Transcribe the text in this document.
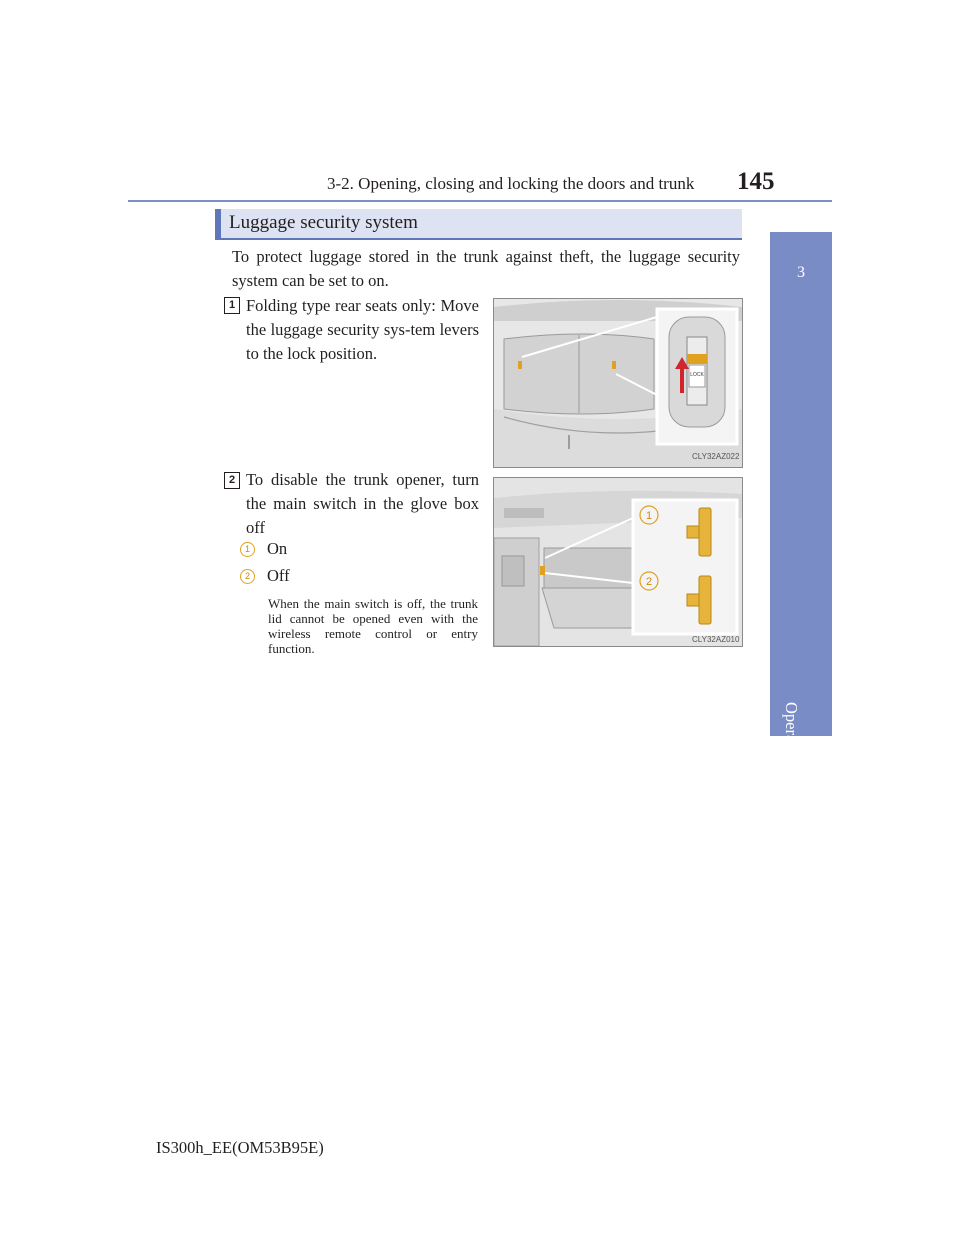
3-2. Opening, closing and locking the doors and trunk 145
3
Operation of each component
Luggage security system
To protect luggage stored in the trunk against theft, the luggage security system can be set to on.
1 Folding type rear seats only: Move the luggage security sys-tem levers to the lock position.
LOCK
CLY32AZ022
2 To disable the trunk opener, turn the main switch in the glove box off
1	On
2	Off
When the main switch is off, the trunk lid cannot be opened even with the wireless remote control or entry function.
1
2
CLY32AZ010
IS300h_EE(OM53B95E)
